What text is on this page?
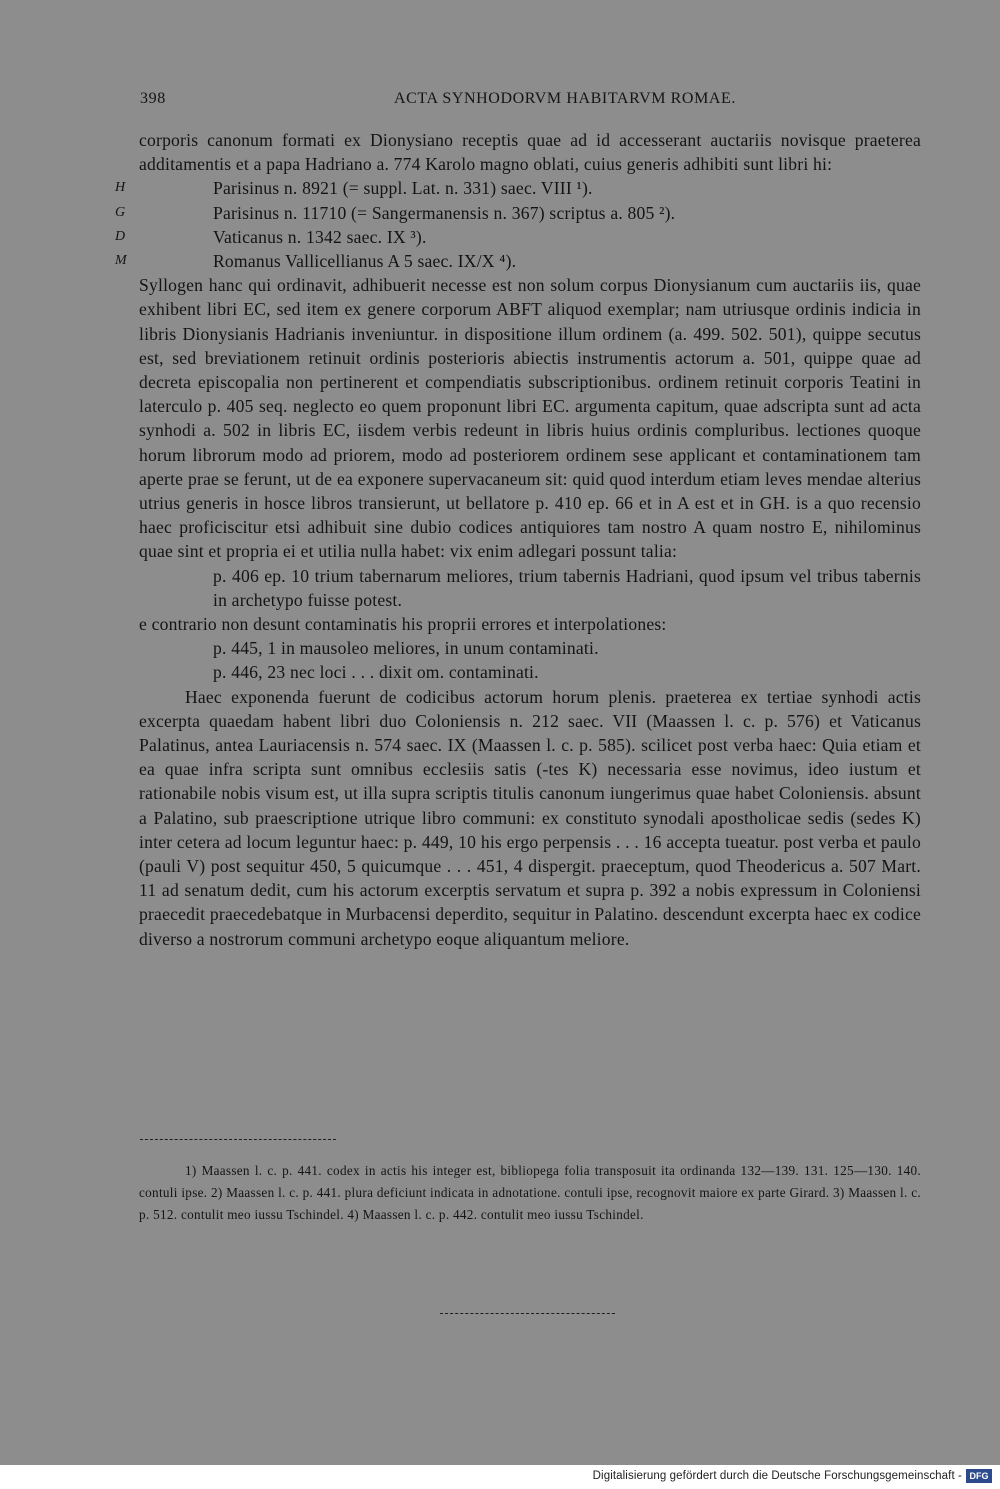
398	ACTA SYNHODORVM HABITARVM ROMAE.

corporis canonum formati ex Dionysiano receptis quae ad id accesserant auctariis novisque praeterea additamentis et a papa Hadriano a. 774 Karolo magno oblati, cuius generis adhibiti sunt libri hi:

H	Parisinus n. 8921 (= suppl. Lat. n. 331) saec. VIII ¹).
G	Parisinus n. 11710 (= Sangermanensis n. 367) scriptus a. 805 ²).
D	Vaticanus n. 1342 saec. IX ³).
M	Romanus Vallicellianus A 5 saec. IX/X ⁴).

Syllogen hanc qui ordinavit, adhibuerit necesse est non solum corpus Dionysianum cum auctariis iis, quae exhibent libri EC, sed item ex genere corporum ABFT aliquod exemplar; nam utriusque ordinis indicia in libris Dionysianis Hadrianis inveniuntur. in dispositione illum ordinem (a. 499. 502. 501), quippe secutus est, sed breviationem retinuit ordinis posterioris abiectis instrumentis actorum a. 501, quippe quae ad decreta episcopalia non pertinerent et compendiatis subscriptionibus. ordinem retinuit corporis Teatini in laterculo p. 405 seq. neglecto eo quem proponunt libri EC. argumenta capitum, quae adscripta sunt ad acta synhodi a. 502 in libris EC, iisdem verbis redeunt in libris huius ordinis compluribus. lectiones quoque horum librorum modo ad priorem, modo ad posteriorem ordinem sese applicant et contaminationem tam aperte prae se ferunt, ut de ea exponere supervacaneum sit: quid quod interdum etiam leves mendae alterius utrius generis in hosce libros transierunt, ut bellatore p. 410 ep. 66 et in A est et in GH. is a quo recensio haec proficiscitur etsi adhibuit sine dubio codices antiquiores tam nostro A quam nostro E, nihilominus quae sint et propria ei et utilia nulla habet: vix enim adlegari possunt talia:

p. 406 ep. 10 trium tabernarum meliores, trium tabernis Hadriani, quod ipsum vel tribus tabernis in archetypo fuisse potest.

e contrario non desunt contaminatis his proprii errores et interpolationes:

p. 445, 1 in mausoleo meliores, in unum contaminati.

p. 446, 23 nec loci . . . dixit om. contaminati.

Haec exponenda fuerunt de codicibus actorum horum plenis. praeterea ex tertiae synhodi actis excerpta quaedam habent libri duo Coloniensis n. 212 saec. VII (Maassen l. c. p. 576) et Vaticanus Palatinus, antea Lauriacensis n. 574 saec. IX (Maassen l. c. p. 585). scilicet post verba haec: Quia etiam et ea quae infra scripta sunt omnibus ecclesiis satis (-tes K) necessaria esse novimus, ideo iustum et rationabile nobis visum est, ut illa supra scriptis titulis canonum iungerimus quae habet Coloniensis. absunt a Palatino, sub praescriptione utrique libro communi: ex constituto synodali apostholicae sedis (sedes K) inter cetera ad locum leguntur haec: p. 449, 10 his ergo perpensis . . . 16 accepta tueatur. post verba et paulo (pauli V) post sequitur 450, 5 quicumque . . . 451, 4 dispergit. praeceptum, quod Theodericus a. 507 Mart. 11 ad senatum dedit, cum his actorum excerptis servatum et supra p. 392 a nobis expressum in Coloniensi praecedit praecedebatque in Murbacensi deperdito, sequitur in Palatino. descendunt excerpta haec ex codice diverso a nostrorum communi archetypo eoque aliquantum meliore.

1) Maassen l. c. p. 441. codex in actis his integer est, bibliopega folia transposuit ita ordinanda 132—139. 131. 125—130. 140. contuli ipse. 2) Maassen l. c. p. 441. plura deficiunt indicata in adnotatione. contuli ipse, recognovit maiore ex parte Girard. 3) Maassen l. c. p. 512. contulit meo iussu Tschindel. 4) Maassen l. c. p. 442. contulit meo iussu Tschindel.

Digitalisierung gefördert durch die Deutsche Forschungsgemeinschaft - DFG
